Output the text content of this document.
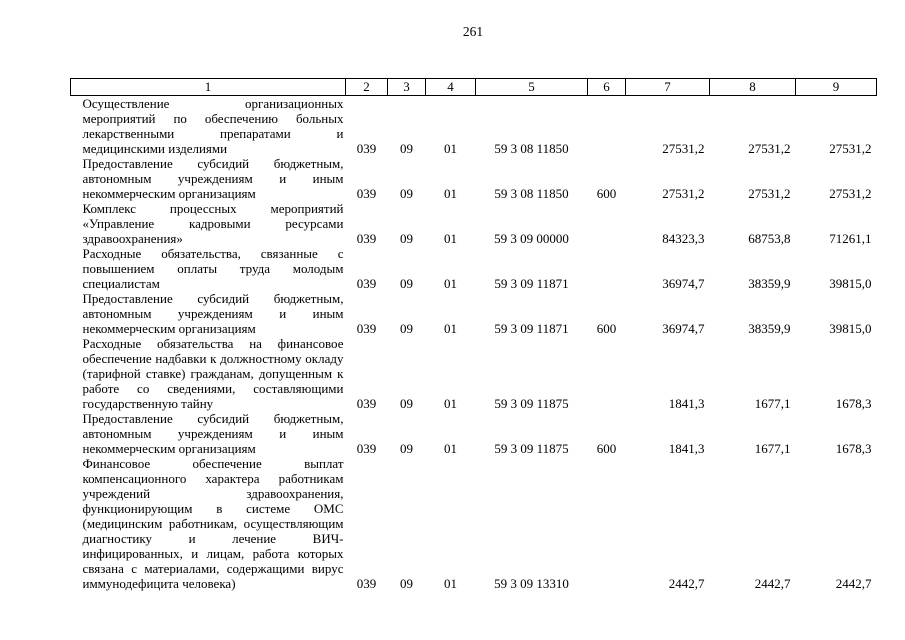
261
1	2	3	4	5	6	7	8	9
Осуществление организационных мероприятий по обеспечению больных лекарственными препаратами и медицинскими изделиями	039	09	01	59 3 08 11850		27531,2	27531,2	27531,2
Предоставление субсидий бюджетным, автономным учреждениям и иным некоммерческим организациям	039	09	01	59 3 08 11850	600	27531,2	27531,2	27531,2
Комплекс процессных мероприятий «Управление кадровыми ресурсами здравоохранения»	039	09	01	59 3 09 00000		84323,3	68753,8	71261,1
Расходные обязательства, связанные с повышением оплаты труда молодым специалистам	039	09	01	59 3 09 11871		36974,7	38359,9	39815,0
Предоставление субсидий бюджетным, автономным учреждениям и иным некоммерческим организациям	039	09	01	59 3 09 11871	600	36974,7	38359,9	39815,0
Расходные обязательства на финансовое обеспечение надбавки к должностному окладу (тарифной ставке) гражданам, допущенным к работе со сведениями, составляющими государственную тайну	039	09	01	59 3 09 11875		1841,3	1677,1	1678,3
Предоставление субсидий бюджетным, автономным учреждениям и иным некоммерческим организациям	039	09	01	59 3 09 11875	600	1841,3	1677,1	1678,3
Финансовое обеспечение выплат компенсационного характера работникам учреждений здравоохранения, функционирующим в системе ОМС (медицинским работникам, осуществляющим диагностику и лечение ВИЧ-инфицированных, и лицам, работа которых связана с материалами, содержащими вирус иммунодефицита человека)	039	09	01	59 3 09 13310		2442,7	2442,7	2442,7
